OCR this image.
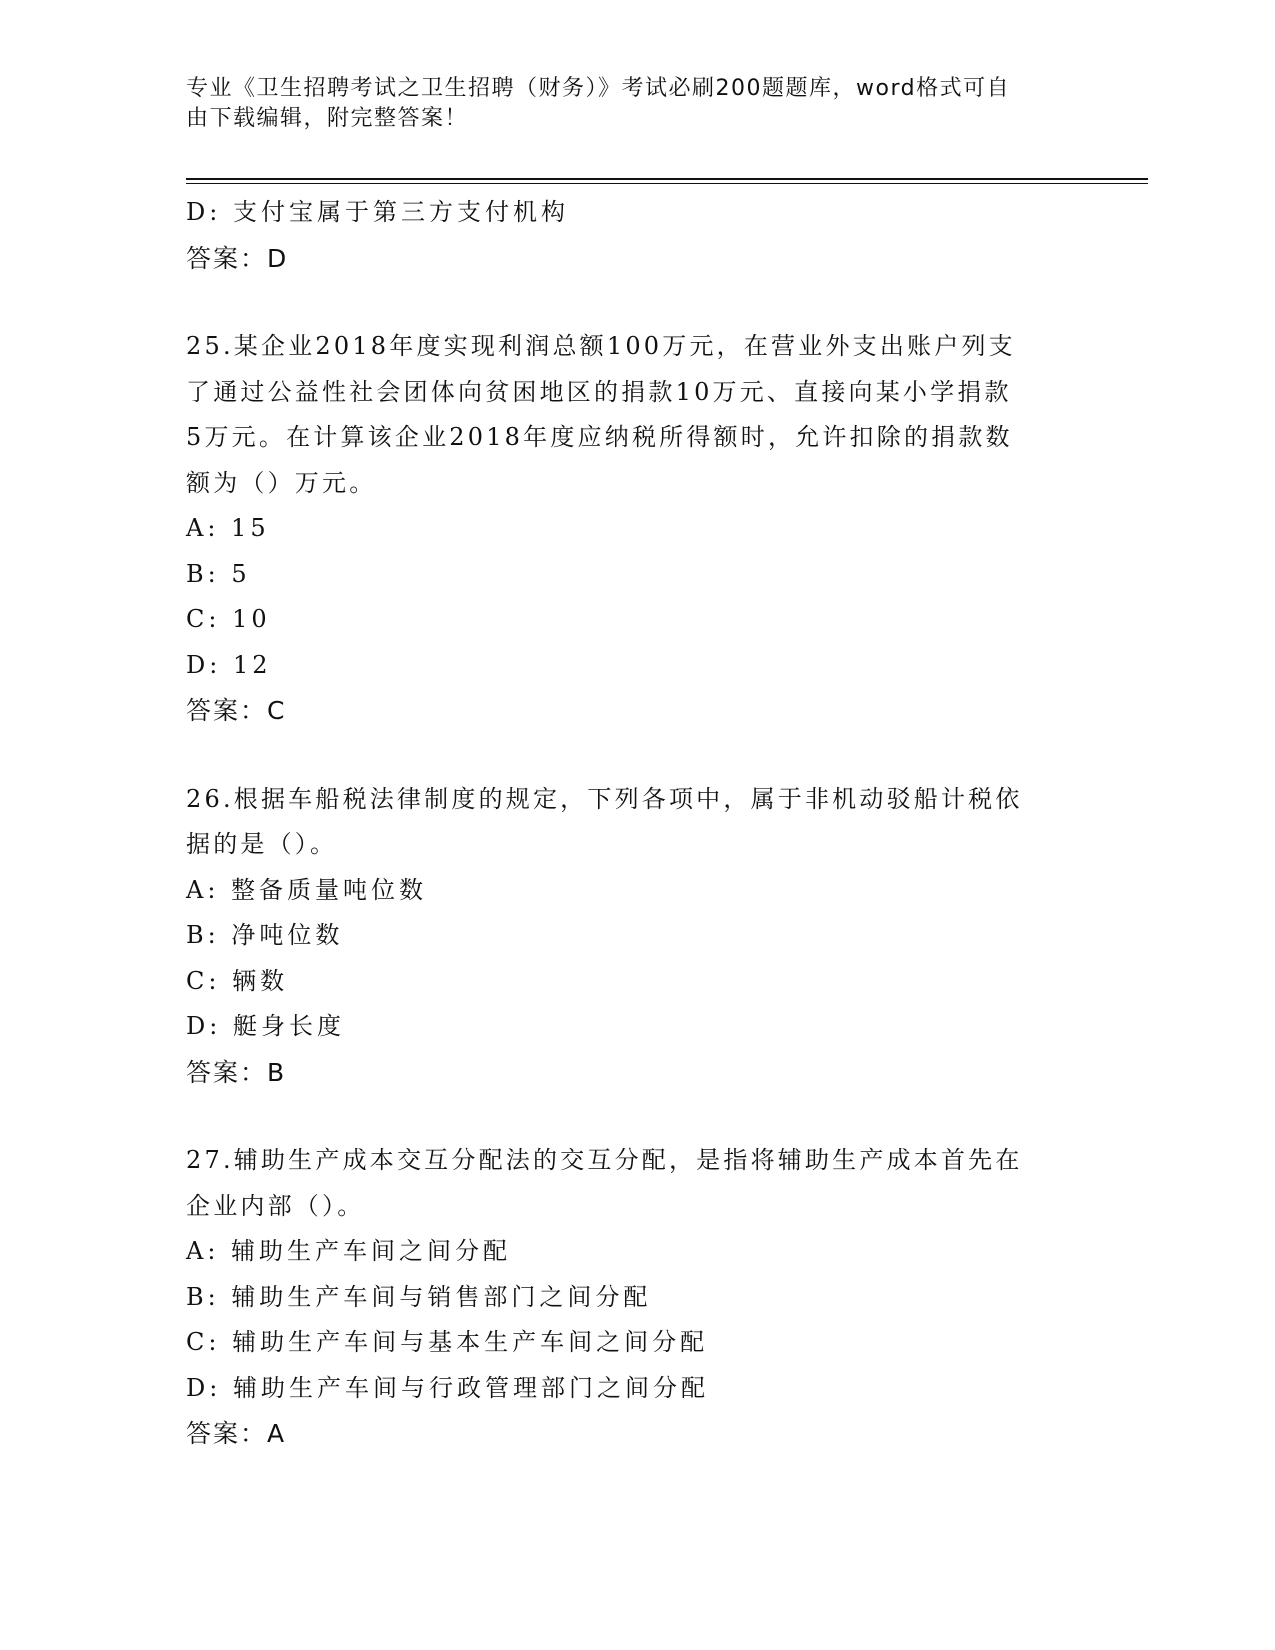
专业《卫生招聘考试之卫生招聘（财务）》考试必刷200题题库，word格式可自
由下载编辑，附完整答案！
D: 支付宝属于第三方支付机构
答案：D
25.某企业2018年度实现利润总额100万元，在营业外支出账户列支
了通过公益性社会团体向贫困地区的捐款10万元、直接向某小学捐款
5万元。在计算该企业2018年度应纳税所得额时，允许扣除的捐款数
额为（）万元。
A: 15
B: 5
C: 10
D: 12
答案：C
26.根据车船税法律制度的规定，下列各项中，属于非机动驳船计税依
据的是（）。
A: 整备质量吨位数
B: 净吨位数
C: 辆数
D: 艇身长度
答案：B
27.辅助生产成本交互分配法的交互分配，是指将辅助生产成本首先在
企业内部（）。
A: 辅助生产车间之间分配
B: 辅助生产车间与销售部门之间分配
C: 辅助生产车间与基本生产车间之间分配
D: 辅助生产车间与行政管理部门之间分配
答案：A
